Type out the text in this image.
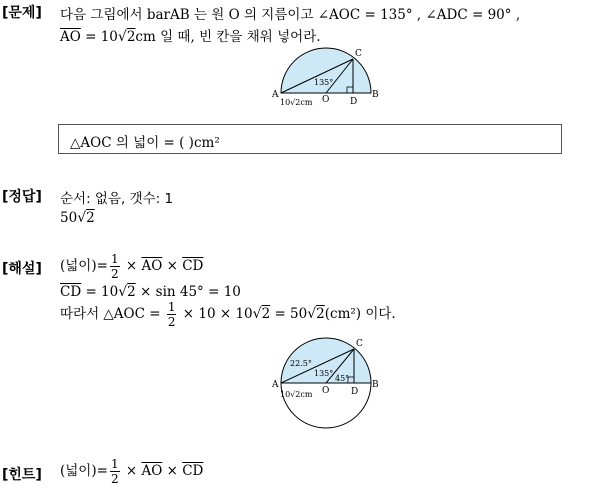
[문제] 다음 그림에서 barAB 는 원 O 의 지름이고 ∠AOC = 135° , ∠ADC = 90° ,
$\overline{AO} = 10√2cm$ 일 때, 빈 칸을 채워 넣어라.
A	B
C
D
O
135°
10√2cm
△AOC 의 넓이 = ( )cm²
[정답] 순서: 없음, 갯수: 1
50√2
[해설] (넓이)= $\frac{1}{2} \times \overline{AO} \times \overline{CD}$
$\overline{CD} = 10√2 \times \sin 45^\circ = 10$
따라서 △AOC = $\frac{1}{2} \times 10 \times 10√2 = 50√2(cm^2)$ 이다.
A	B
C
D
O
22.5°
135°
45°
10√2cm
[힌트] (넓이)= $\frac{1}{2} \times \overline{AO} \times \overline{CD}$
